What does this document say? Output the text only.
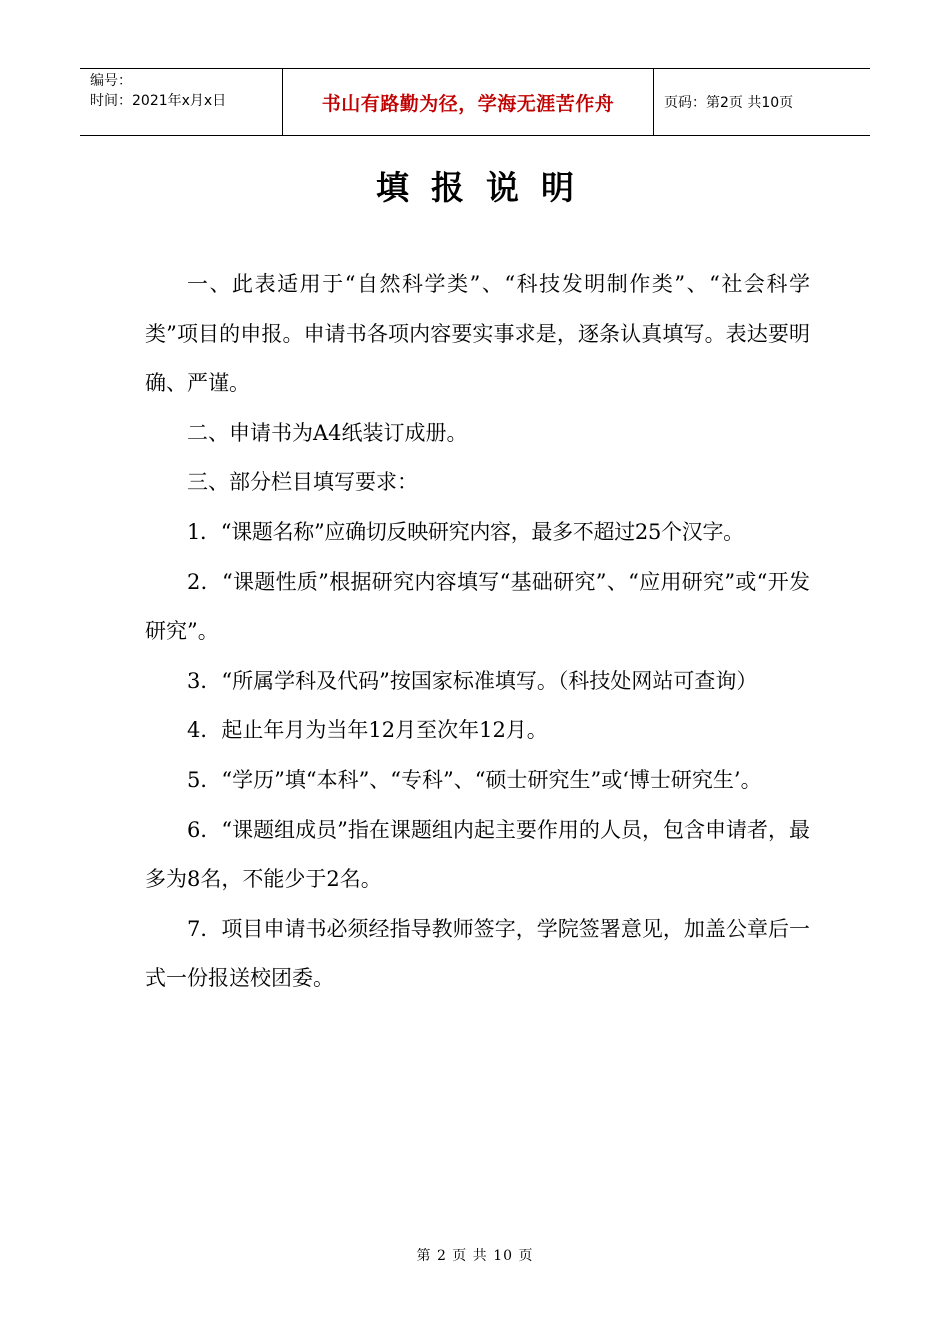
编号：
时间：2021年x月x日	书山有路勤为径，学海无涯苦作舟	页码：第2页 共10页
填报说明

一、此表适用于“自然科学类”、“科技发明制作类”、“社会科学类”项目的申报。申请书各项内容要实事求是，逐条认真填写。表达要明确、严谨。

二、申请书为A4纸装订成册。

三、部分栏目填写要求：

1．“课题名称”应确切反映研究内容，最多不超过25个汉字。

2．“课题性质”根据研究内容填写“基础研究”、“应用研究”或“开发研究”。

3．“所属学科及代码”按国家标准填写。（科技处网站可查询）

4．起止年月为当年12月至次年12月。

5．“学历”填“本科”、“专科”、“硕士研究生”或‘博士研究生’。

6．“课题组成员”指在课题组内起主要作用的人员，包含申请者，最多为8名，不能少于2名。

7．项目申请书必须经指导教师签字，学院签署意见，加盖公章后一式一份报送校团委。

第 2 页 共 10 页
